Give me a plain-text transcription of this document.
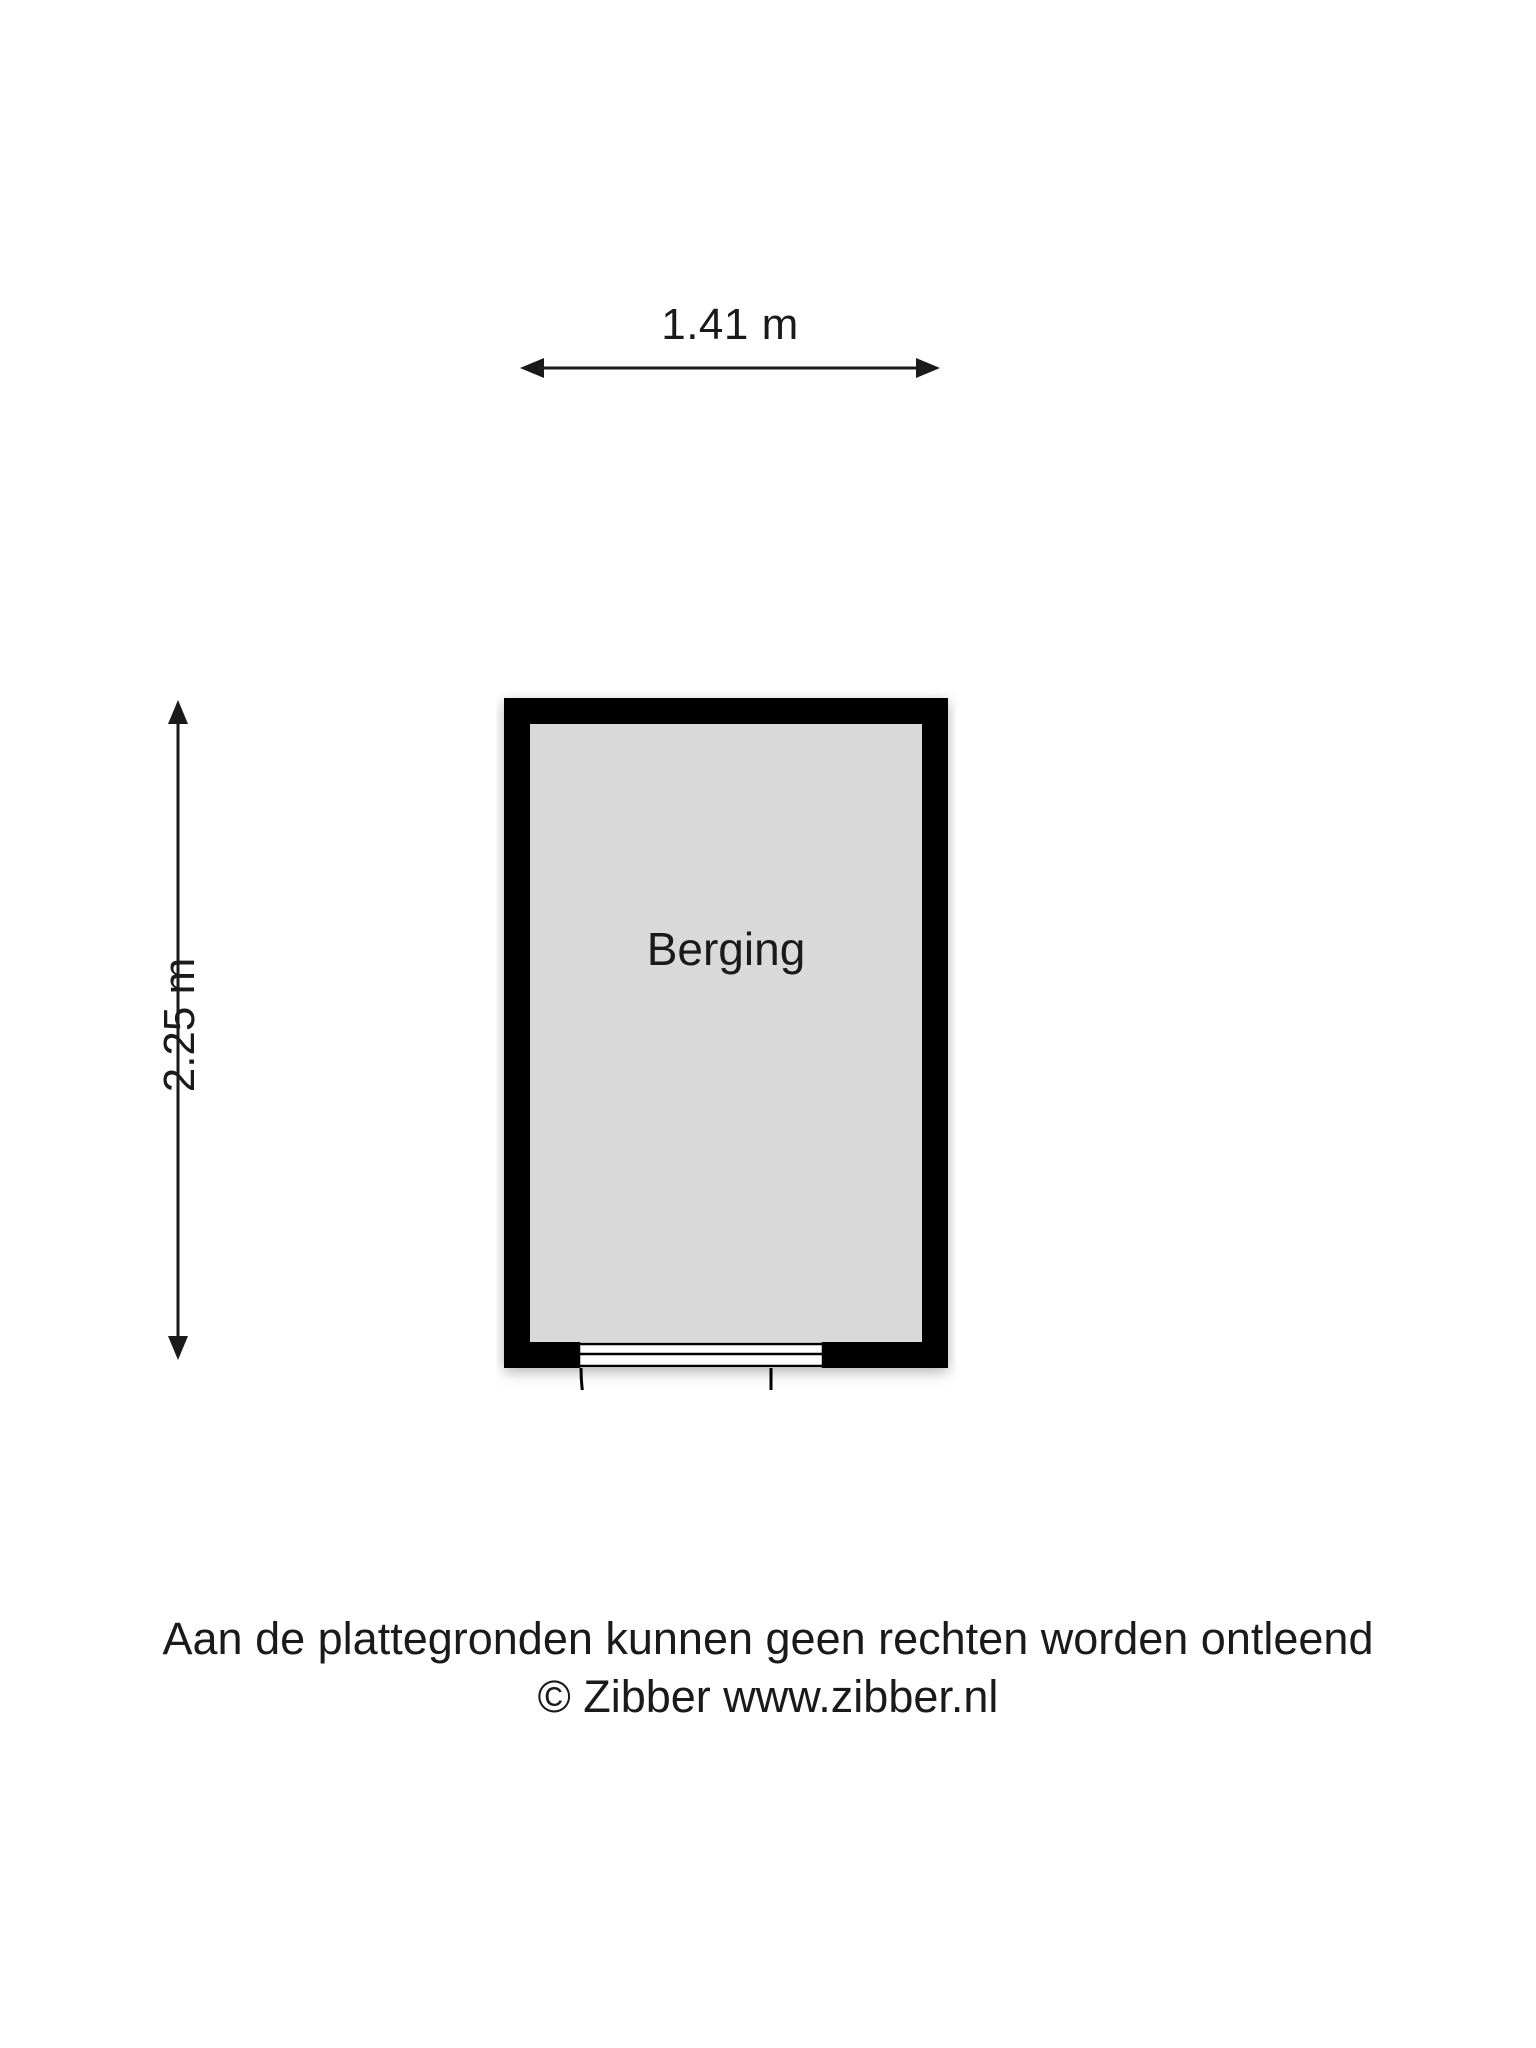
1.41 m
2.25 m
Berging
Aan de plattegronden kunnen geen rechten worden ontleend
© Zibber www.zibber.nl
